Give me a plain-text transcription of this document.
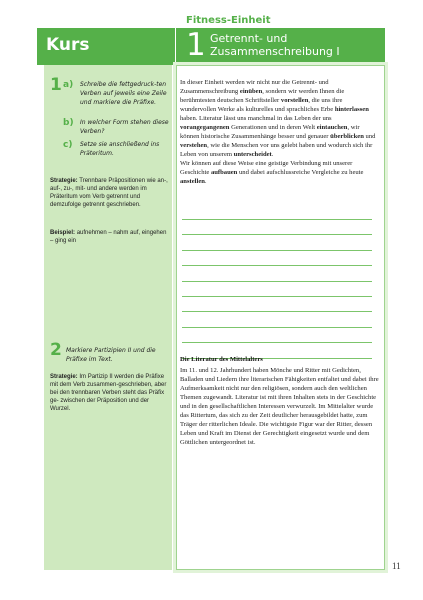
Kurs
Fitness-Einheit
1 Getrennt- und Zusammenschreibung I
1 a) Schreibe die fettgedruck-ten Verben auf jeweils eine Zeile und markiere die Präfixe.
b) In welcher Form stehen diese Verben?
c) Setze sie anschließend ins Präteritum.
Strategie: Trennbare Präpositionen wie an-, auf-, zu-, mit- und andere werden im Präteritum vom Verb getrennt und demzufolge getrennt geschrieben.
Beispiel: aufnehmen – nahm auf, eingehen – ging ein
2 Markiere Partizipien II und die Präfixe im Text.
Strategie: Im Partizip II werden die Präfixe mit dem Verb zusammen-geschrieben, aber bei den trennbaren Verben steht das Präfix ge- zwischen der Präposition und der Wurzel.

In dieser Einheit werden wir nicht nur die Getrennt- und Zusammenschreibung einüben, sondern wir werden Ihnen die berühmtesten deutschen Schriftsteller vorstellen, die uns ihre wundervollen Werke als kulturelles und sprachliches Erbe hinterlassen haben. Literatur lässt uns manchmal in das Leben der uns vorangegangenen Generationen und in deren Welt eintauchen, wir können historische Zusammenhänge besser und genauer überblicken und verstehen, wie die Menschen vor uns gelebt haben und wodurch sich ihr Leben von unserem unterscheidet.

Wir können auf diese Weise eine geistige Verbindung mit unserer Geschichte aufbauen und dabei aufschlussreiche Vergleiche zu heute anstellen.

Die Literatur des Mittelalters
Im 11. und 12. Jahrhundert haben Mönche und Ritter mit Gedichten, Balladen und Liedern ihre literarischen Fähigkeiten entfaltet und dabei ihre Aufmerksamkeit nicht nur den religiösen, sondern auch den weltlichen Themen zugewandt. Literatur ist mit ihren Inhalten stets in der Geschichte und in den gesellschaftlichen Interessen verwurzelt. Im Mittelalter wurde das Rittertum, das sich zu der Zeit deutlicher herausgebildet hatte, zum Träger der ritterlichen Ideale. Die wichtigste Figur war der Ritter, dessen Leben und Kraft im Dienst der Gerechtigkeit eingesetzt wurde und dem Göttlichen untergeordnet ist.
11
